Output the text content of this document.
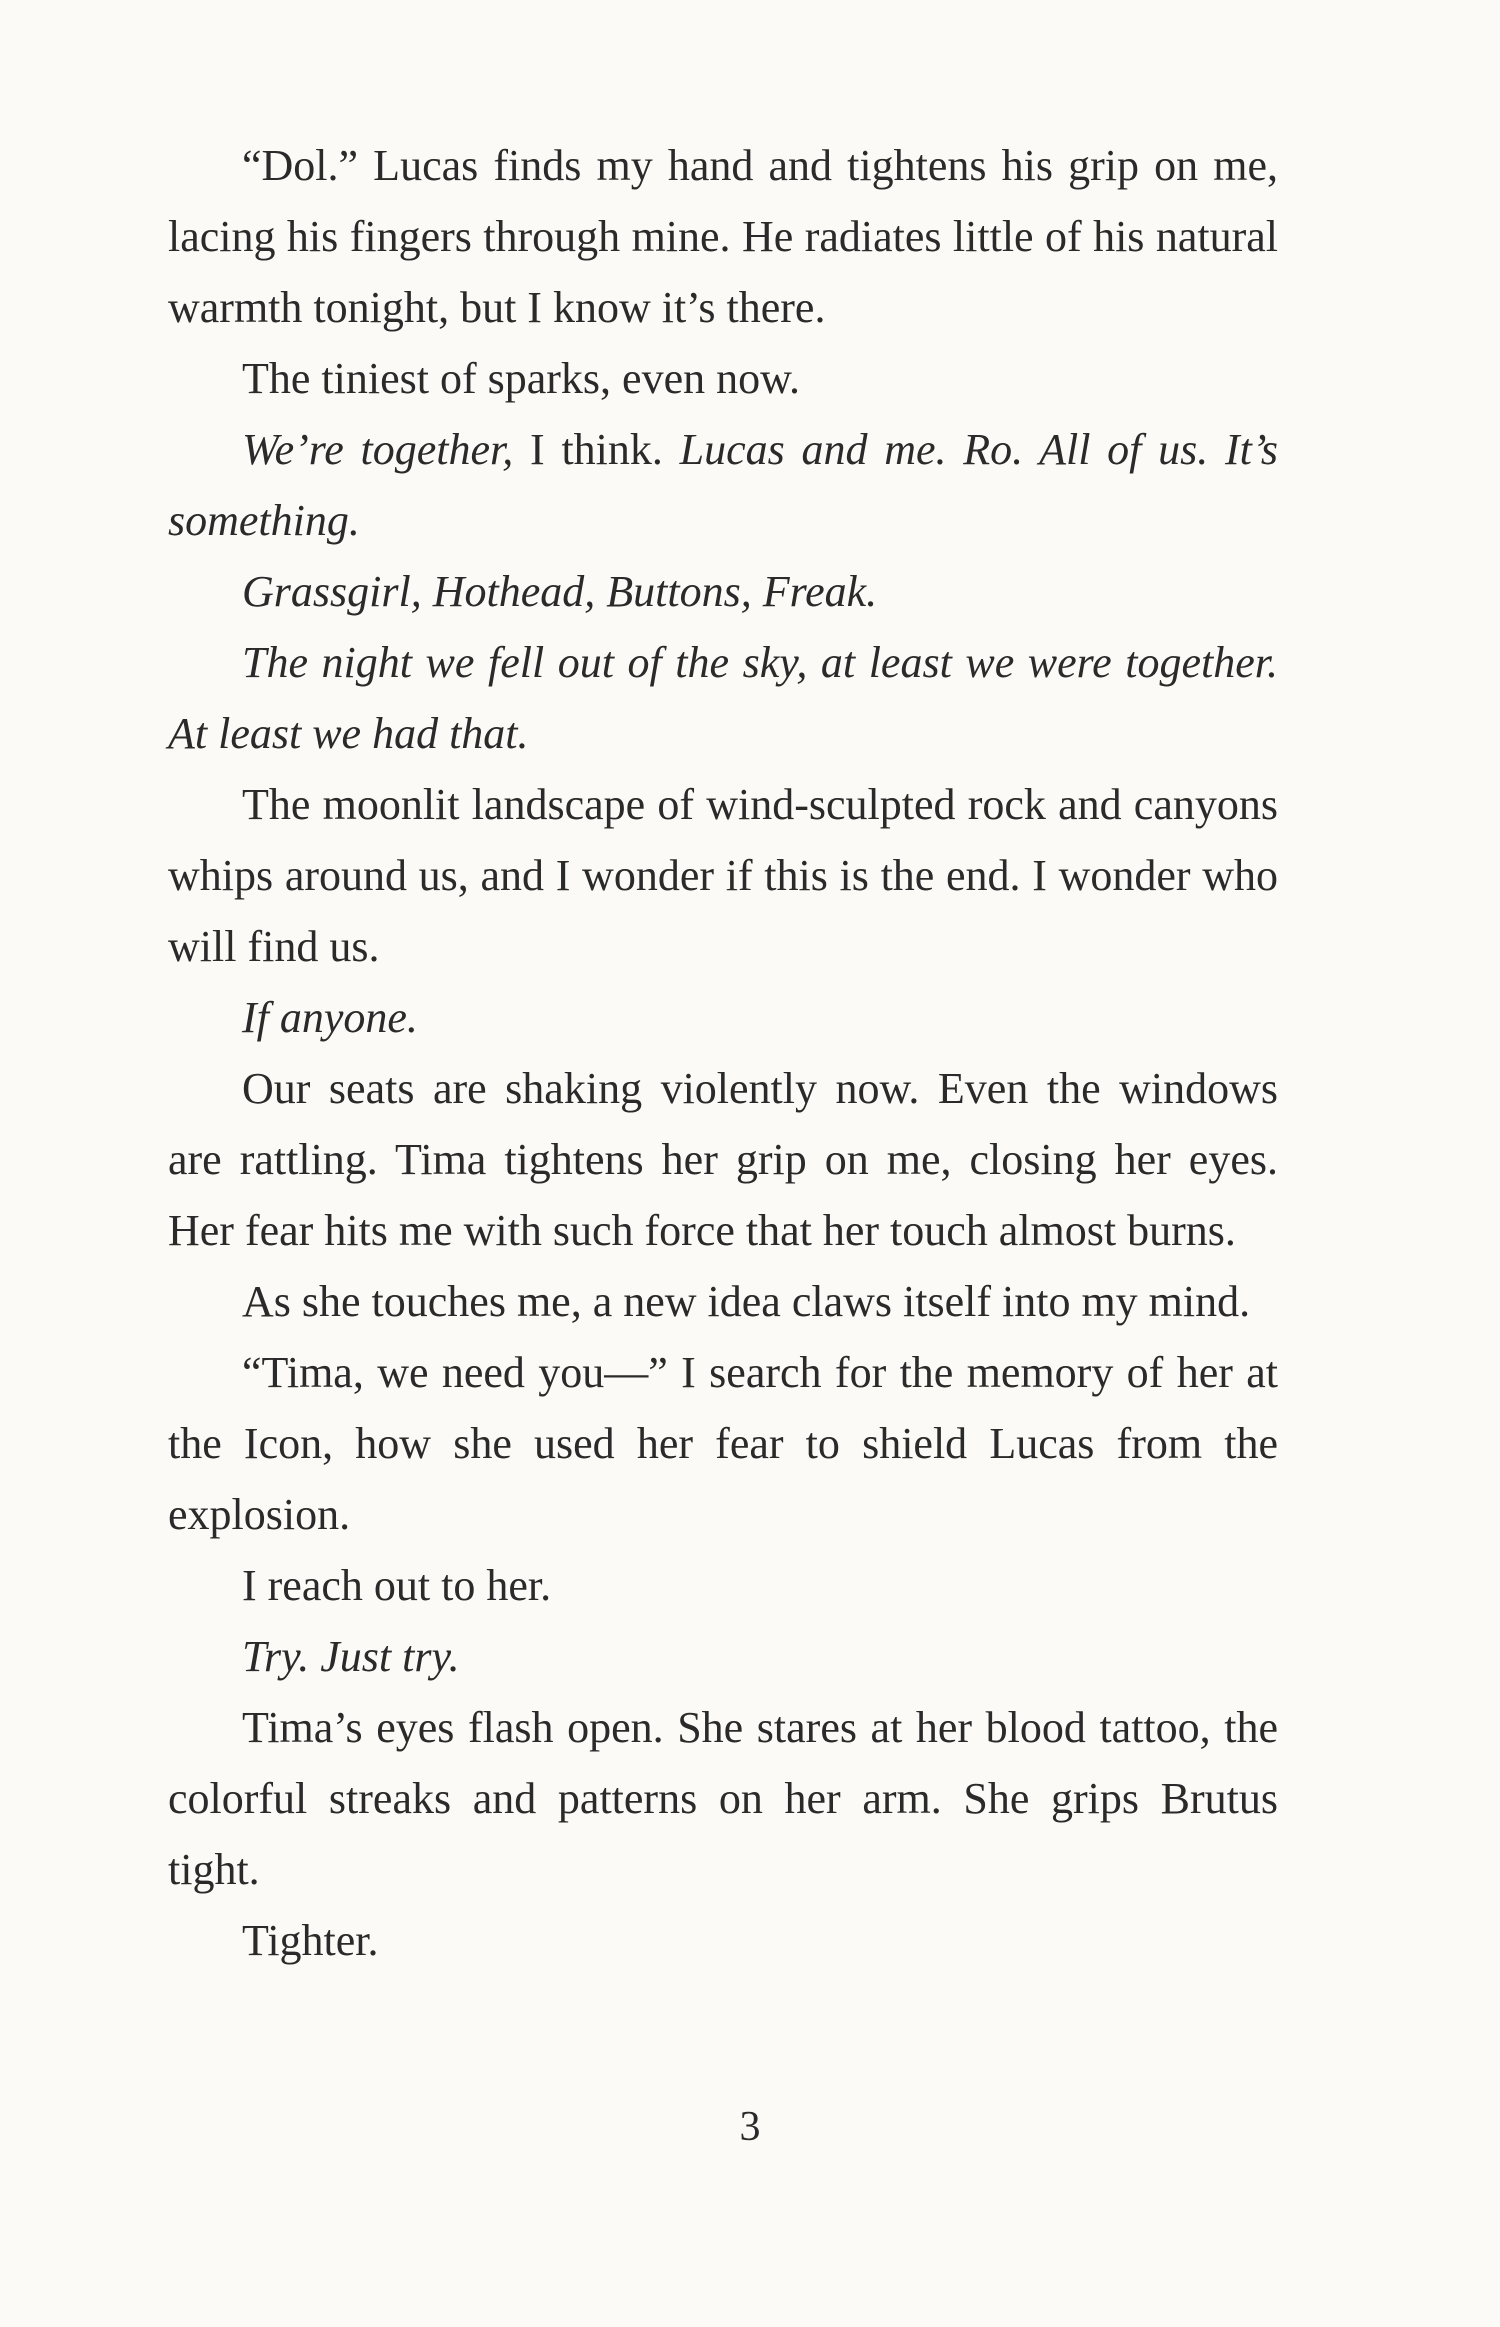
“Dol.” Lucas finds my hand and tightens his grip on me, lacing his fingers through mine. He radiates little of his natural warmth tonight, but I know it’s there.

The tiniest of sparks, even now.

We’re together, I think. Lucas and me. Ro. All of us. It’s something.

Grassgirl, Hothead, Buttons, Freak.

The night we fell out of the sky, at least we were together. At least we had that.

The moonlit landscape of wind-sculpted rock and canyons whips around us, and I wonder if this is the end. I wonder who will find us.

If anyone.

Our seats are shaking violently now. Even the windows are rattling. Tima tightens her grip on me, closing her eyes. Her fear hits me with such force that her touch almost burns.

As she touches me, a new idea claws itself into my mind.

“Tima, we need you—” I search for the memory of her at the Icon, how she used her fear to shield Lucas from the explosion.

I reach out to her.

Try. Just try.

Tima’s eyes flash open. She stares at her blood tattoo, the colorful streaks and patterns on her arm. She grips Brutus tight.

Tighter.

3
